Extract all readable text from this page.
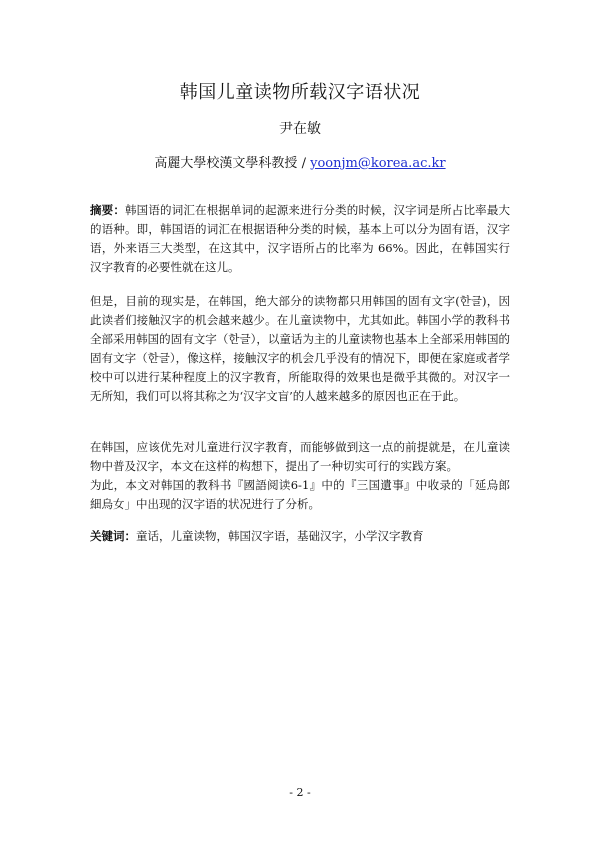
韩国儿童读物所载汉字语状况
尹在敏
高麗大學校漢文學科教授 / yoonjm@korea.ac.kr

摘要：韩国语的词汇在根据单词的起源来进行分类的时候，汉字词是所占比率最大的语种。即，韩国语的词汇在根据语种分类的时候，基本上可以分为固有语，汉字语，外来语三大类型，在这其中，汉字语所占的比率为 66%。因此，在韩国实行汉字教育的必要性就在这儿。

但是，目前的现实是，在韩国，绝大部分的读物都只用韩国的固有文字(한글)，因此读者们接触汉字的机会越来越少。在儿童读物中，尤其如此。韩国小学的教科书全部采用韩国的固有文字（한글），以童话为主的儿童读物也基本上全部采用韩国的固有文字（한글），像这样，接触汉字的机会几乎没有的情况下，即便在家庭或者学校中可以进行某种程度上的汉字教育，所能取得的效果也是微乎其微的。对汉字一无所知，我们可以将其称之为‘汉字文盲’的人越来越多的原因也正在于此。

在韩国，应该优先对儿童进行汉字教育，而能够做到这一点的前提就是，在儿童读物中普及汉字，本文在这样的构想下，提出了一种切实可行的实践方案。
为此，本文对韩国的教科书『國語阅读6-1』中的『三国遺事』中收录的「延烏郎細烏女」中出现的汉字语的状况进行了分析。

关键词：童话，儿童读物，韩国汉字语，基础汉字，小学汉字教育

- 2 -
